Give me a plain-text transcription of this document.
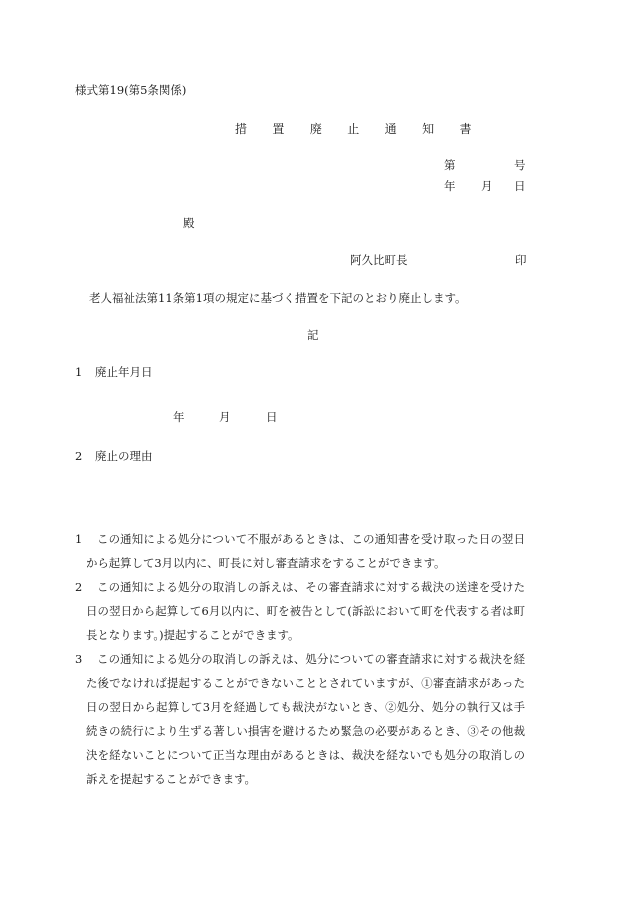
様式第19(第5条関係)
措 置 廃 止 通 知 書
第	号
年 月 日
殿
阿久比町長	印
老人福祉法第11条第1項の規定に基づく措置を下記のとおり廃止します。
記
1 廃止年月日
年	月	日
2 廃止の理由
1	この通知による処分について不服があるときは、この通知書を受け取った日の翌日から起算して3月以内に、町長に対し審査請求をすることができます。
2	この通知による処分の取消しの訴えは、その審査請求に対する裁決の送達を受けた日の翌日から起算して6月以内に、町を被告として(訴訟において町を代表する者は町長となります。)提起することができます。
3	この通知による処分の取消しの訴えは、処分についての審査請求に対する裁決を経た後でなければ提起することができないこととされていますが、①審査請求があった日の翌日から起算して3月を経過しても裁決がないとき、②処分、処分の執行又は手続きの続行により生ずる著しい損害を避けるため緊急の必要があるとき、③その他裁決を経ないことについて正当な理由があるときは、裁決を経ないでも処分の取消しの訴えを提起することができます。
